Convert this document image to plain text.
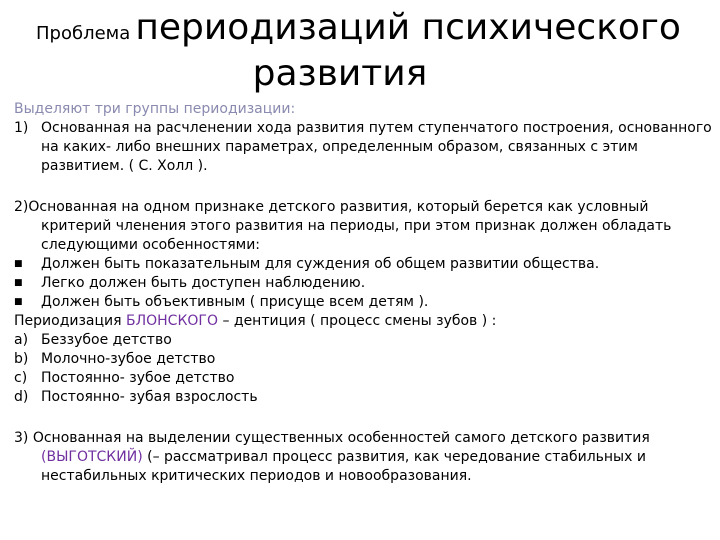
Проблема периодизаций психического
развития

Выделяют три группы периодизации:

1) Основанная на расчленении хода развития путем ступенчатого построения, основанного на каких- либо внешних параметрах, определенным образом, связанных с этим развитием. ( С. Холл ).

2)Основанная на одном признаке детского развития, который берется как условный критерий членения этого развития на периоды, при этом признак должен обладать следующими особенностями:

■ Должен быть показательным для суждения об общем развитии общества.

■ Легко должен быть доступен наблюдению.

■ Должен быть объективным ( присуще всем детям ).

Периодизация БЛОНСКОГО – дентиция ( процесс смены зубов ) :

a) Беззубое детство

b) Молочно-зубое детство

c) Постоянно- зубое детство

d) Постоянно- зубая взрослость

3) Основанная на выделении существенных особенностей самого детского развития (ВЫГОТСКИЙ) (– рассматривал процесс развития, как чередование стабильных и нестабильных критических периодов и новообразования.
